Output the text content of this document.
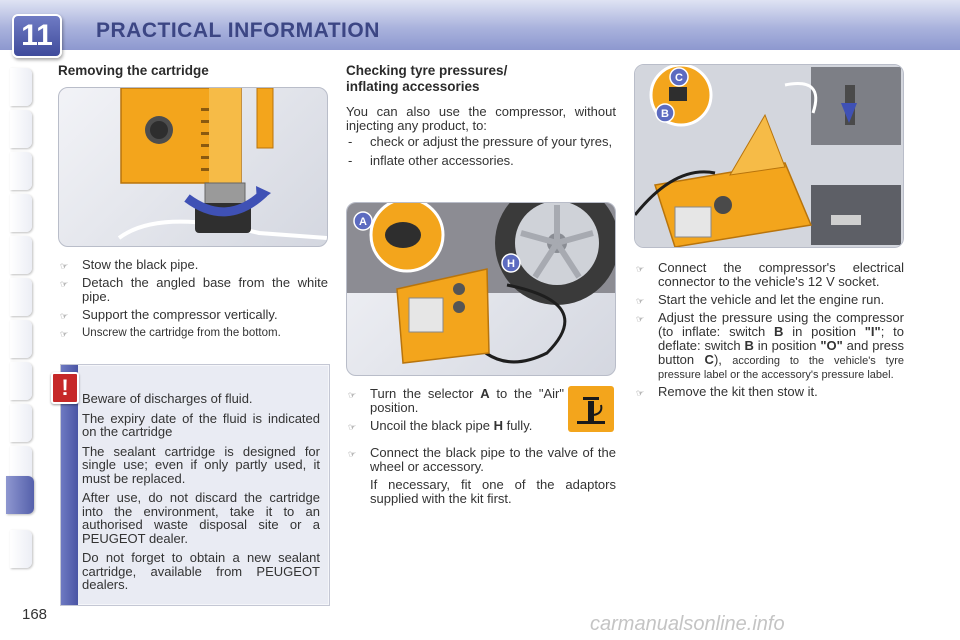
11	PRACTICAL INFORMATION
Removing the cartridge
☞ Stow the black pipe.
☞ Detach the angled base from the white pipe.
☞ Support the compressor vertically.
☞ Unscrew the cartridge from the bottom.
!	Beware of discharges of fluid.

The expiry date of the fluid is indicated on the cartridge

The sealant cartridge is designed for single use; even if only partly used, it must be replaced.

After use, do not discard the cartridge into the environment, take it to an authorised waste disposal site or a PEUGEOT dealer.

Do not forget to obtain a new sealant cartridge, available from PEUGEOT dealers.

Checking tyre pressures/
inflating accessories
You can also use the compressor, without injecting any product, to:
- check or adjust the pressure of your tyres,
- inflate other accessories.
A
H
☞ Turn the selector A to the "Air" position.
☞ Uncoil the black pipe H fully.
☞ Connect the black pipe to the valve of the wheel or accessory.
If necessary, fit one of the adaptors supplied with the kit first.
C
B
☞ Connect the compressor's electrical connector to the vehicle's 12 V socket.
☞ Start the vehicle and let the engine run.
☞ Adjust the pressure using the compressor (to inflate: switch B in position "I"; to deflate: switch B in position "O" and press button C), according to the vehicle's tyre pressure label or the accessory's pressure label.
☞ Remove the kit then stow it.
168	carmanualsonline.info
